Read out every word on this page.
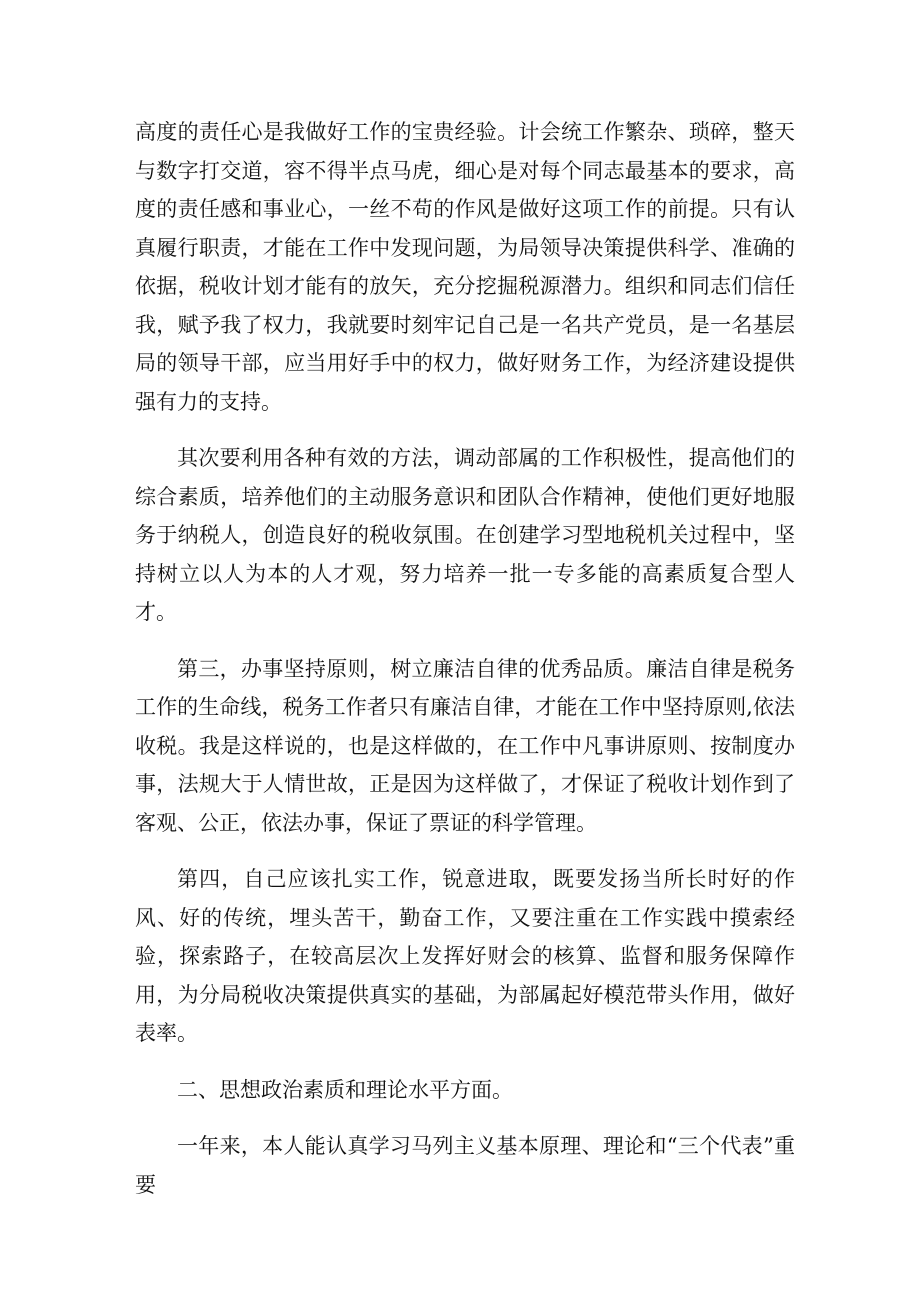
高度的责任心是我做好工作的宝贵经验。计会统工作繁杂、琐碎，整天与数字打交道，容不得半点马虎，细心是对每个同志最基本的要求，高度的责任感和事业心，一丝不苟的作风是做好这项工作的前提。只有认真履行职责，才能在工作中发现问题，为局领导决策提供科学、准确的依据，税收计划才能有的放矢，充分挖掘税源潜力。组织和同志们信任我，赋予我了权力，我就要时刻牢记自己是一名共产党员，是一名基层局的领导干部，应当用好手中的权力，做好财务工作，为经济建设提供强有力的支持。

其次要利用各种有效的方法，调动部属的工作积极性，提高他们的综合素质，培养他们的主动服务意识和团队合作精神，使他们更好地服务于纳税人，创造良好的税收氛围。在创建学习型地税机关过程中，坚持树立以人为本的人才观，努力培养一批一专多能的高素质复合型人才。

第三，办事坚持原则，树立廉洁自律的优秀品质。廉洁自律是税务工作的生命线，税务工作者只有廉洁自律，才能在工作中坚持原则,依法收税。我是这样说的，也是这样做的，在工作中凡事讲原则、按制度办事，法规大于人情世故，正是因为这样做了，才保证了税收计划作到了客观、公正，依法办事，保证了票证的科学管理。

第四，自己应该扎实工作，锐意进取，既要发扬当所长时好的作风、好的传统，埋头苦干，勤奋工作，又要注重在工作实践中摸索经验，探索路子，在较高层次上发挥好财会的核算、监督和服务保障作用，为分局税收决策提供真实的基础，为部属起好模范带头作用，做好表率。

二、思想政治素质和理论水平方面。

一年来，本人能认真学习马列主义基本原理、理论和“三个代表”重要
